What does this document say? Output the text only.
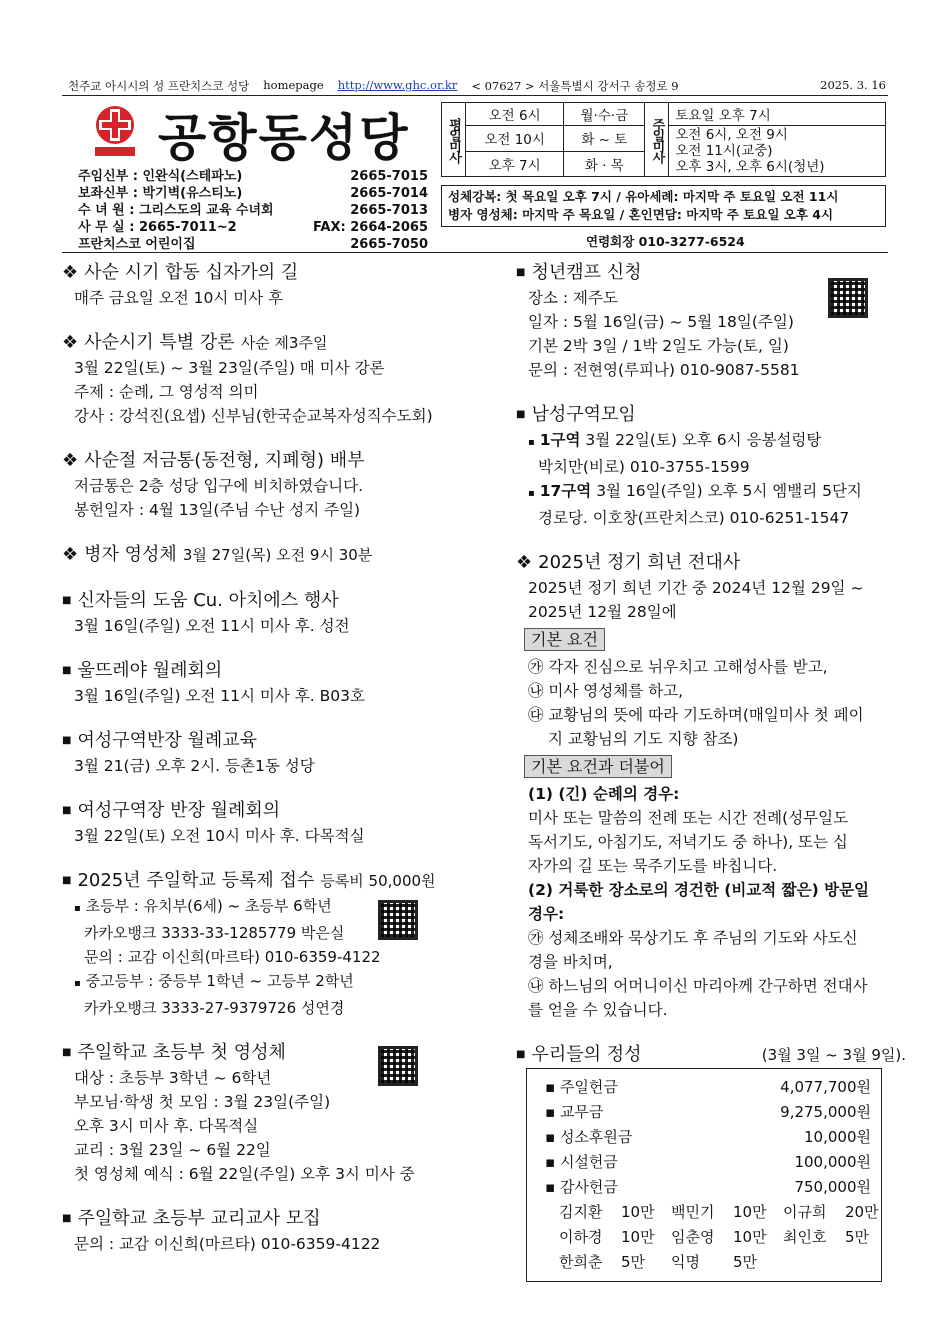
천주교 아시시의 성 프란치스코 성당 homepage http://www.ghc.or.kr < 07627 > 서울특별시 강서구 송정로 9	2025. 3. 16
공항동성당
주임신부 : 인완식(스테파노)	2665-7015
보좌신부 : 박기벽(유스티노)	2665-7014
수 녀 원 : 그리스도의 교육 수녀회	2665-7013
사 무 실 : 2665-7011~2	FAX: 2664-2065
프란치스코 어린이집	2665-7050
평일미사	오전 6시	월·수·금	주일미사	토요일 오후 7시
	오전 10시	화 ~ 토		오전 6시, 오전 9시
오전 11시(교중)
오후 3시, 오후 6시(청년)

	오후 7시	화 · 목		
성체강복: 첫 목요일 오후 7시 / 유아세례: 마지막 주 토요일 오전 11시
병자 영성체: 마지막 주 목요일 / 혼인면담: 마지막 주 토요일 오후 4시
연령회장 010-3277-6524
❖ 사순 시기 합동 십자가의 길
매주 금요일 오전 10시 미사 후
❖ 사순시기 특별 강론 사순 제3주일
3월 22일(토) ~ 3월 23일(주일) 매 미사 강론
주제 : 순례, 그 영성적 의미
강사 : 강석진(요셉) 신부님(한국순교복자성직수도회)
❖ 사순절 저금통(동전형, 지폐형) 배부
저금통은 2층 성당 입구에 비치하였습니다.
봉헌일자 : 4월 13일(주님 수난 성지 주일)
❖ 병자 영성체 3월 27일(목) 오전 9시 30분
■ 신자들의 도움 Cu. 아치에스 행사
3월 16일(주일) 오전 11시 미사 후. 성전
■ 울뜨레야 월례회의
3월 16일(주일) 오전 11시 미사 후. B03호
■ 여성구역반장 월례교육
3월 21(금) 오후 2시. 등촌1동 성당
■ 여성구역장 반장 월례회의
3월 22일(토) 오전 10시 미사 후. 다목적실
■ 2025년 주일학교 등록제 접수 등록비 50,000원
▪ 초등부 : 유치부(6세) ~ 초등부 6학년
카카오뱅크 3333-33-1285779 박은실
문의 : 교감 이신희(마르타) 010-6359-4122
▪ 중고등부 : 중등부 1학년 ~ 고등부 2학년
카카오뱅크 3333-27-9379726 성연경
■ 주일학교 초등부 첫 영성체
대상 : 초등부 3학년 ~ 6학년
부모님·학생 첫 모임 : 3월 23일(주일)
오후 3시 미사 후. 다목적실
교리 : 3월 23일 ~ 6월 22일
첫 영성체 예식 : 6월 22일(주일) 오후 3시 미사 중
■ 주일학교 초등부 교리교사 모집
문의 : 교감 이신희(마르타) 010-6359-4122
■ 청년캠프 신청
장소 : 제주도
일자 : 5월 16일(금) ~ 5월 18일(주일)
기본 2박 3일 / 1박 2일도 가능(토, 일)
문의 : 전현영(루피나) 010-9087-5581
■ 남성구역모임
▪ 1구역 3월 22일(토) 오후 6시 응봉설렁탕
박치만(비로) 010-3755-1599
▪ 17구역 3월 16일(주일) 오후 5시 엠밸리 5단지
경로당. 이호창(프란치스코) 010-6251-1547
❖ 2025년 정기 희년 전대사
2025년 정기 희년 기간 중 2024년 12월 29일 ~
2025년 12월 28일에
기본 요건
㉮ 각자 진심으로 뉘우치고 고해성사를 받고,
㉯ 미사 영성체를 하고,
㉰ 교황님의 뜻에 따라 기도하며(매일미사 첫 페이
지 교황님의 기도 지향 참조)
기본 요건과 더불어
(1) (긴) 순례의 경우:
미사 또는 말씀의 전례 또는 시간 전례(성무일도
독서기도, 아침기도, 저녁기도 중 하나), 또는 십
자가의 길 또는 묵주기도를 바칩니다.
(2) 거룩한 장소로의 경건한 (비교적 짧은) 방문일
경우:
㉮ 성체조배와 묵상기도 후 주님의 기도와 사도신
경을 바치며,
㉯ 하느님의 어머니이신 마리아께 간구하면 전대사
를 얻을 수 있습니다.
■ 우리들의 정성	(3월 3일 ~ 3월 9일).
▪ 주일헌금	4,077,700원
▪ 교무금	9,275,000원
▪ 성소후원금	10,000원
▪ 시설헌금	100,000원
▪ 감사헌금	750,000원
김지환	10만	백민기	10만	이규희	20만
이하경	10만	임춘영	10만	최인호	5만
한희춘	5만	익명	5만
